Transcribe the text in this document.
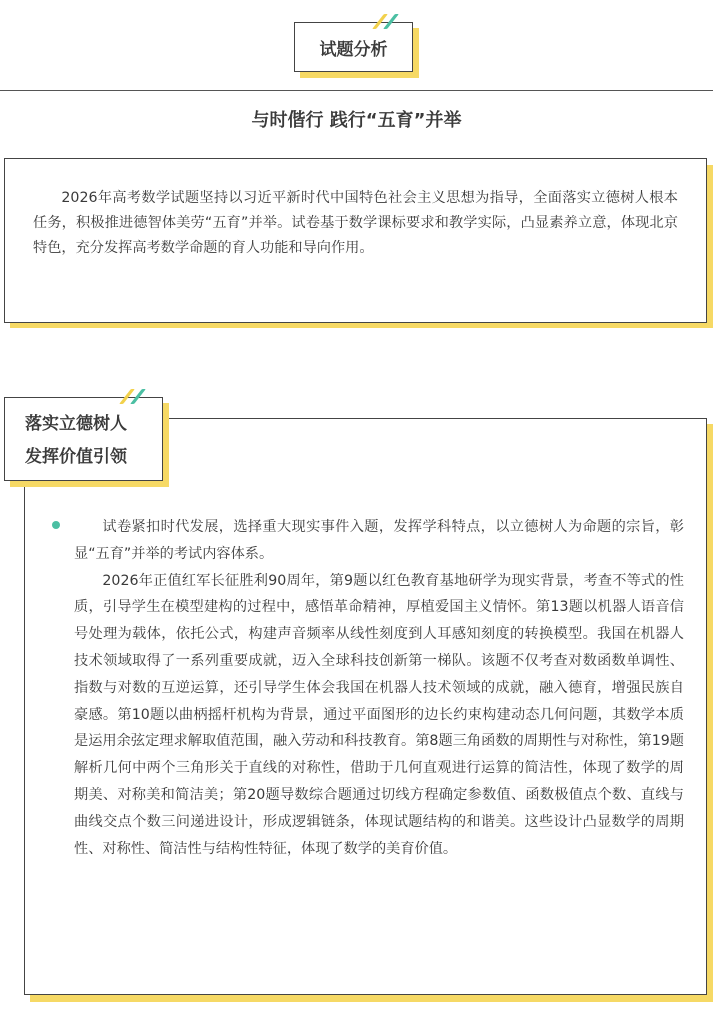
试题分析
与时偕行 践行“五育”并举
2026年高考数学试题坚持以习近平新时代中国特色社会主义思想为指导，全面落实立德树人根本任务，积极推进德智体美劳“五育”并举。试卷基于数学课标要求和教学实际，凸显素养立意，体现北京特色，充分发挥高考数学命题的育人功能和导向作用。
落实立德树人
发挥价值引领

试卷紧扣时代发展，选择重大现实事件入题，发挥学科特点，以立德树人为命题的宗旨，彰显“五育”并举的考试内容体系。

2026年正值红军长征胜利90周年，第9题以红色教育基地研学为现实背景，考查不等式的性质，引导学生在模型建构的过程中，感悟革命精神，厚植爱国主义情怀。第13题以机器人语音信号处理为载体，依托公式，构建声音频率从线性刻度到人耳感知刻度的转换模型。我国在机器人技术领域取得了一系列重要成就，迈入全球科技创新第一梯队。该题不仅考查对数函数单调性、指数与对数的互逆运算，还引导学生体会我国在机器人技术领域的成就，融入德育，增强民族自豪感。第10题以曲柄摇杆机构为背景，通过平面图形的边长约束构建动态几何问题，其数学本质是运用余弦定理求解取值范围，融入劳动和科技教育。第8题三角函数的周期性与对称性，第19题解析几何中两个三角形关于直线的对称性，借助于几何直观进行运算的简洁性，体现了数学的周期美、对称美和简洁美；第20题导数综合题通过切线方程确定参数值、函数极值点个数、直线与曲线交点个数三问递进设计，形成逻辑链条，体现试题结构的和谐美。这些设计凸显数学的周期性、对称性、简洁性与结构性特征，体现了数学的美育价值。
